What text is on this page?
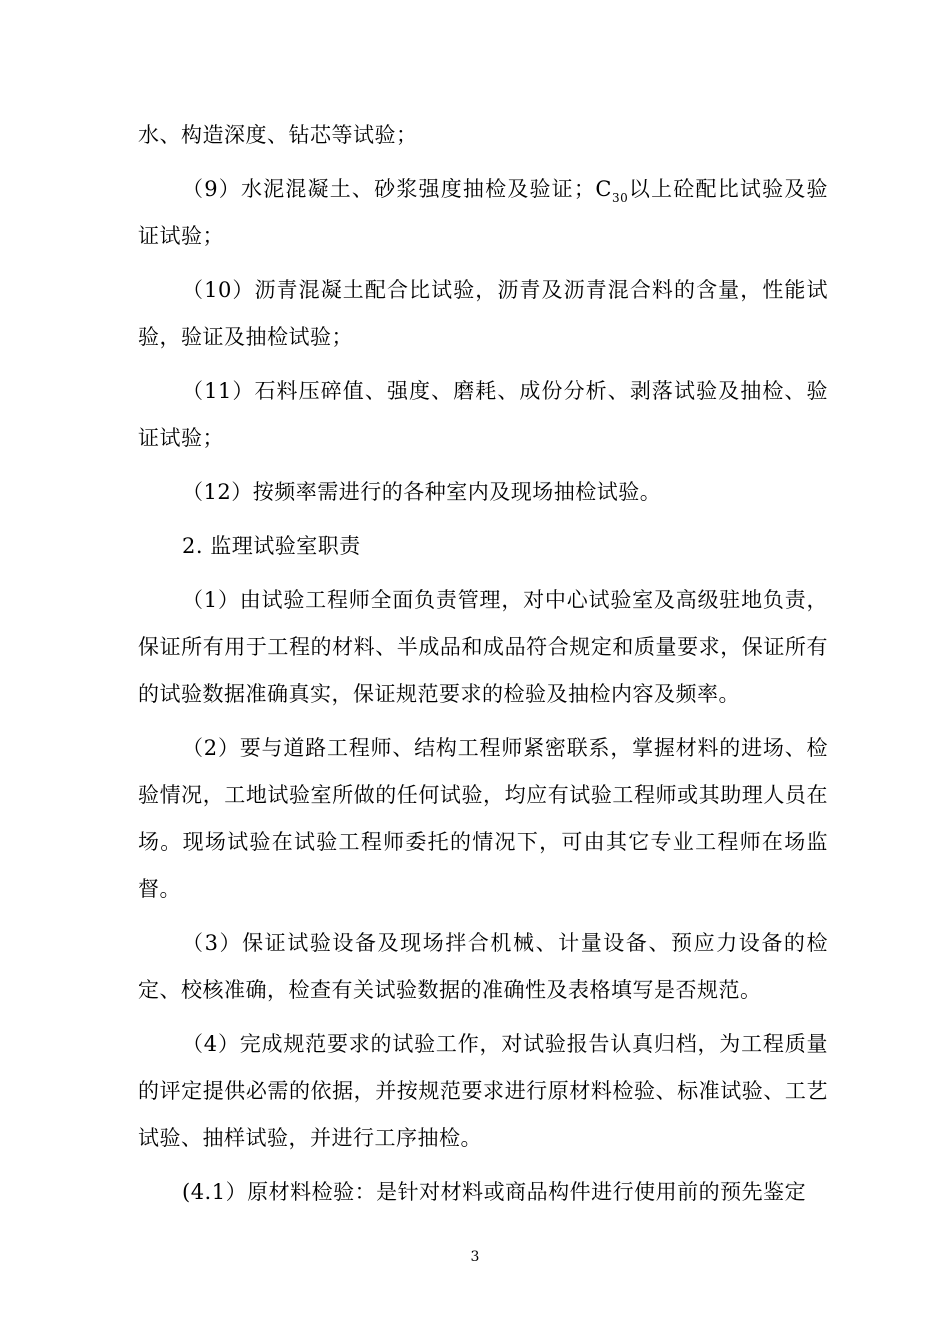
水、构造深度、钻芯等试验；

（9）水泥混凝土、砂浆强度抽检及验证；$C_{30}$以上砼配比试验及验证试验；

（10）沥青混凝土配合比试验，沥青及沥青混合料的含量，性能试验，验证及抽检试验；

（11）石料压碎值、强度、磨耗、成份分析、剥落试验及抽检、验证试验；

（12）按频率需进行的各种室内及现场抽检试验。

2. 监理试验室职责

（1）由试验工程师全面负责管理，对中心试验室及高级驻地负责，保证所有用于工程的材料、半成品和成品符合规定和质量要求，保证所有的试验数据准确真实，保证规范要求的检验及抽检内容及频率。

（2）要与道路工程师、结构工程师紧密联系，掌握材料的进场、检验情况，工地试验室所做的任何试验，均应有试验工程师或其助理人员在场。现场试验在试验工程师委托的情况下，可由其它专业工程师在场监督。

（3）保证试验设备及现场拌合机械、计量设备、预应力设备的检定、校核准确，检查有关试验数据的准确性及表格填写是否规范。

（4）完成规范要求的试验工作，对试验报告认真归档，为工程质量的评定提供必需的依据，并按规范要求进行原材料检验、标准试验、工艺试验、抽样试验，并进行工序抽检。

(4.1）原材料检验：是针对材料或商品构件进行使用前的预先鉴定

3
